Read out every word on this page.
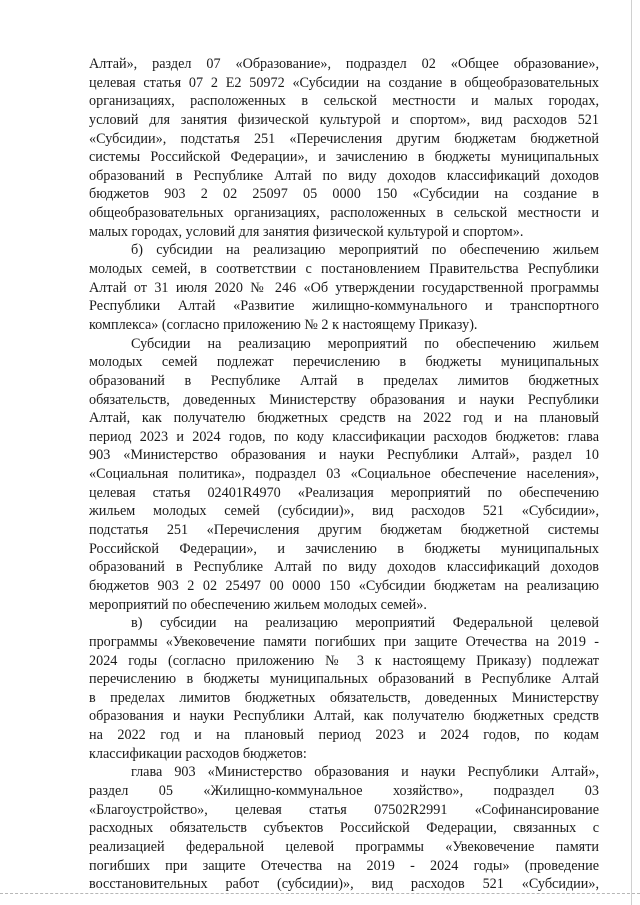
Алтай», раздел 07 «Образование», подраздел 02 «Общее образование»,
целевая статья 07 2 Е2 50972 «Субсидии на создание в общеобразовательных
организациях, расположенных в сельской местности и малых городах,
условий для занятия физической культурой и спортом», вид расходов 521
«Субсидии», подстатья 251 «Перечисления другим бюджетам бюджетной
системы Российской Федерации», и зачислению в бюджеты муниципальных
образований в Республике Алтай по виду доходов классификаций доходов
бюджетов 903 2 02 25097 05 0000 150 «Субсидии на создание в
общеобразовательных организациях, расположенных в сельской местности и
малых городах, условий для занятия физической культурой и спортом».
б) субсидии на реализацию мероприятий по обеспечению жильем
молодых семей, в соответствии с постановлением Правительства Республики
Алтай от 31 июля 2020 № 246 «Об утверждении государственной программы
Республики Алтай «Развитие жилищно-коммунального и транспортного
комплекса» (согласно приложению № 2 к настоящему Приказу).
Субсидии на реализацию мероприятий по обеспечению жильем
молодых семей подлежат перечислению в бюджеты муниципальных
образований в Республике Алтай в пределах лимитов бюджетных
обязательств, доведенных Министерству образования и науки Республики
Алтай, как получателю бюджетных средств на 2022 год и на плановый
период 2023 и 2024 годов, по коду классификации расходов бюджетов: глава
903 «Министерство образования и науки Республики Алтай», раздел 10
«Социальная политика», подраздел 03 «Социальное обеспечение населения»,
целевая статья 02401R4970 «Реализация мероприятий по обеспечению
жильем молодых семей (субсидии)», вид расходов 521 «Субсидии»,
подстатья 251 «Перечисления другим бюджетам бюджетной системы
Российской Федерации», и зачислению в бюджеты муниципальных
образований в Республике Алтай по виду доходов классификаций доходов
бюджетов 903 2 02 25497 00 0000 150 «Субсидии бюджетам на реализацию
мероприятий по обеспечению жильем молодых семей».
в) субсидии на реализацию мероприятий Федеральной целевой
программы «Увековечение памяти погибших при защите Отечества на 2019 -
2024 годы (согласно приложению № 3 к настоящему Приказу) подлежат
перечислению в бюджеты муниципальных образований в Республике Алтай
в пределах лимитов бюджетных обязательств, доведенных Министерству
образования и науки Республики Алтай, как получателю бюджетных средств
на 2022 год и на плановый период 2023 и 2024 годов, по кодам
классификации расходов бюджетов:
глава 903 «Министерство образования и науки Республики Алтай»,
раздел 05 «Жилищно-коммунальное хозяйство», подраздел 03
«Благоустройство», целевая статья 07502R2991 «Софинансирование
расходных обязательств субъектов Российской Федерации, связанных с
реализацией федеральной целевой программы «Увековечение памяти
погибших при защите Отечества на 2019 - 2024 годы» (проведение
восстановительных работ (субсидии)», вид расходов 521 «Субсидии»,
